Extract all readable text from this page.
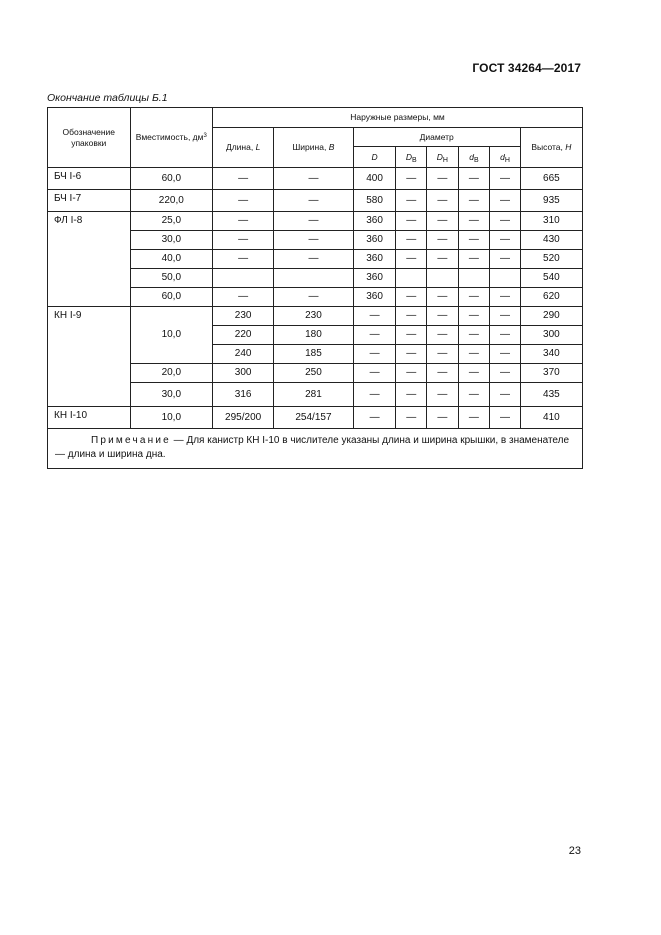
ГОСТ 34264—2017
Окончание таблицы Б.1
Обозначение упаковки	Вместимость, $дм^3$	Наружные размеры, мм							
		Длина, L	Ширина, B	Диаметр					Высота, H
				D	$D_В$	$D_Н$	$d_В$	$d_Н$
БЧ I-6	60,0	—	—	400	—	—	—	—	665
БЧ I-7	220,0	—	—	580	—	—	—	—	935
ФЛ I-8	25,0	—	—	360	—	—	—	—	310
	30,0	—	—	360	—	—	—	—	430
	40,0	—	—	360	—	—	—	—	520
	50,0			360					540
	60,0	—	—	360	—	—	—	—	620
КН I-9	10,0	230	230	—	—	—	—	—	290
		220	180	—	—	—	—	—	300
		240	185	—	—	—	—	—	340
	20,0	300	250	—	—	—	—	—	370
	30,0	316	281	—	—	—	—	—	435
КН I-10	10,0	295/200	254/157	—	—	—	—	—	410
Примечание — Для канистр КН I-10 в числителе указаны длина и ширина крышки, в знаменателе — длина и ширина дна.									
23
